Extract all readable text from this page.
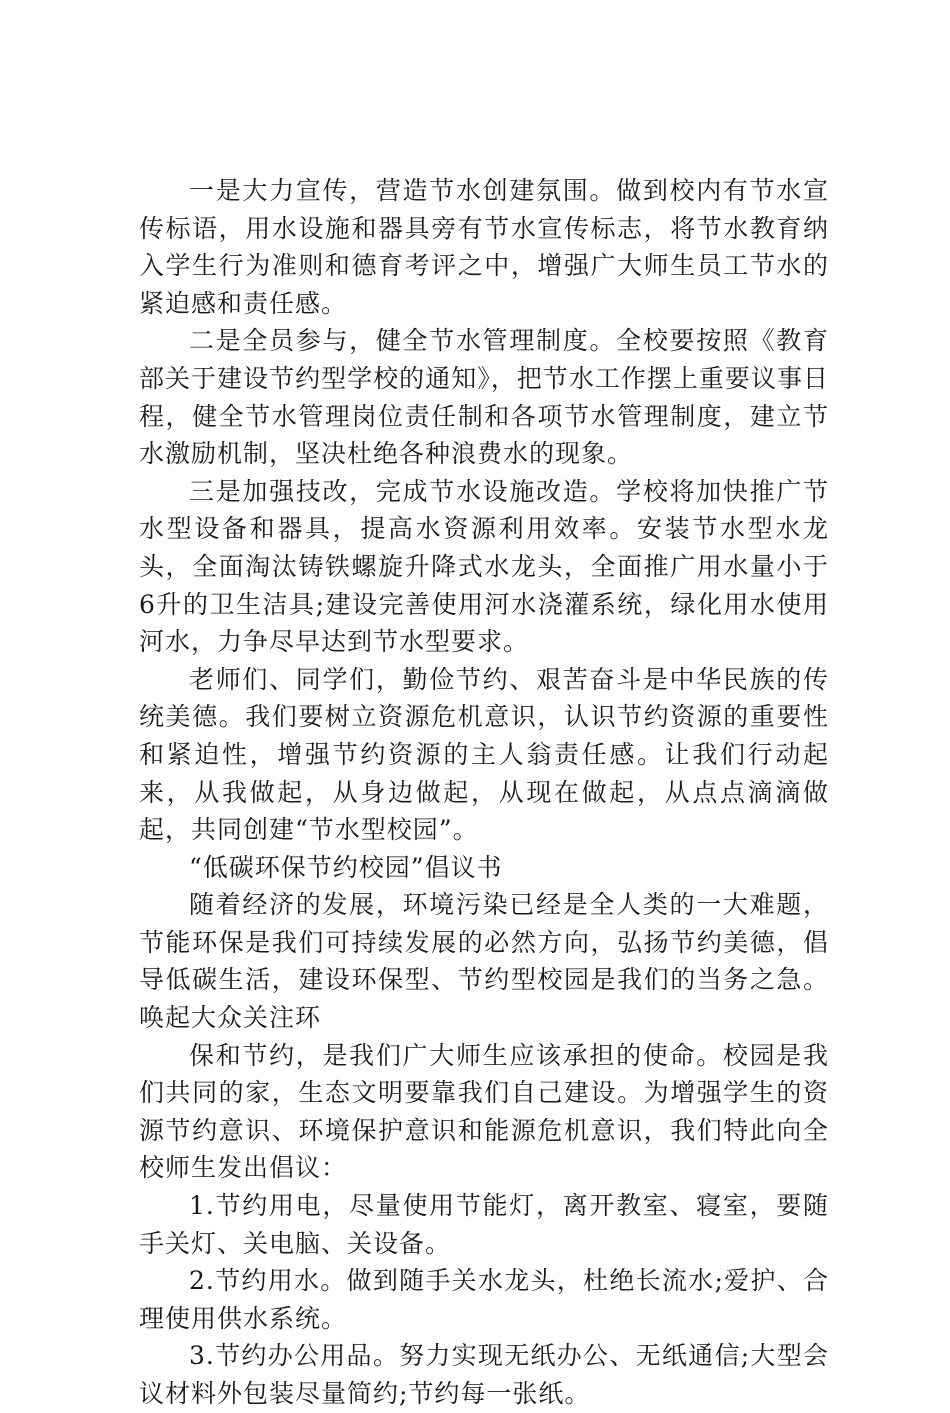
一是大力宣传，营造节水创建氛围。做到校内有节水宣传标语，用水设施和器具旁有节水宣传标志，将节水教育纳入学生行为准则和德育考评之中，增强广大师生员工节水的紧迫感和责任感。

二是全员参与，健全节水管理制度。全校要按照《教育部关于建设节约型学校的通知》，把节水工作摆上重要议事日程，健全节水管理岗位责任制和各项节水管理制度，建立节水激励机制，坚决杜绝各种浪费水的现象。

三是加强技改，完成节水设施改造。学校将加快推广节水型设备和器具，提高水资源利用效率。安装节水型水龙头，全面淘汰铸铁螺旋升降式水龙头，全面推广用水量小于6升的卫生洁具;建设完善使用河水浇灌系统，绿化用水使用河水，力争尽早达到节水型要求。

老师们、同学们，勤俭节约、艰苦奋斗是中华民族的传统美德。我们要树立资源危机意识，认识节约资源的重要性和紧迫性，增强节约资源的主人翁责任感。让我们行动起来，从我做起，从身边做起，从现在做起，从点点滴滴做起，共同创建“节水型校园”。

“低碳环保节约校园”倡议书

随着经济的发展，环境污染已经是全人类的一大难题，节能环保是我们可持续发展的必然方向，弘扬节约美德，倡导低碳生活，建设环保型、节约型校园是我们的当务之急。唤起大众关注环

保和节约，是我们广大师生应该承担的使命。校园是我们共同的家，生态文明要靠我们自己建设。为增强学生的资源节约意识、环境保护意识和能源危机意识，我们特此向全校师生发出倡议：

1.节约用电，尽量使用节能灯，离开教室、寝室，要随手关灯、关电脑、关设备。

2.节约用水。做到随手关水龙头，杜绝长流水;爱护、合理使用供水系统。

3.节约办公用品。努力实现无纸办公、无纸通信;大型会议材料外包装尽量简约;节约每一张纸。
